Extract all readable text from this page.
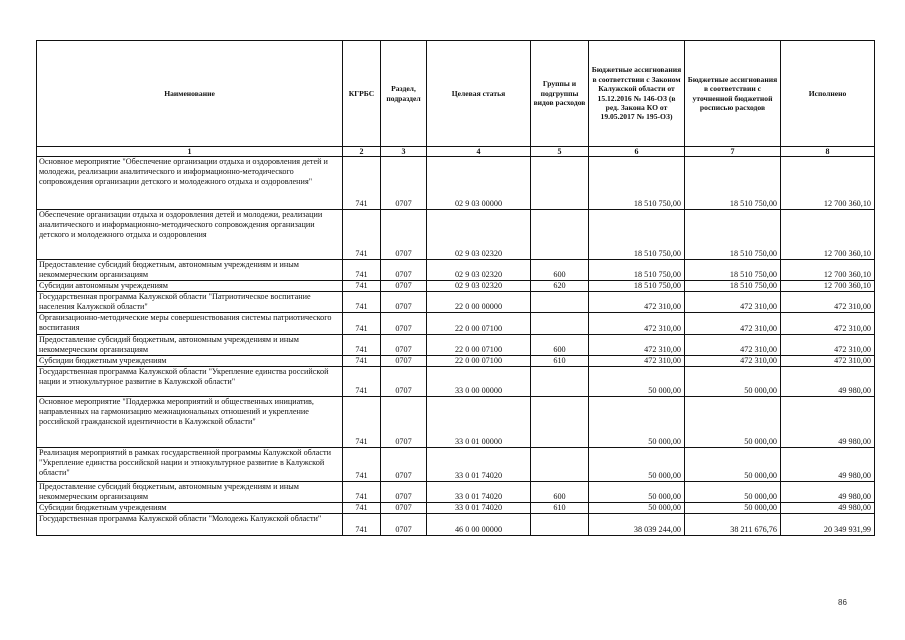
Наименование	КГРБС	Раздел, подраздел	Целевая статья	Группы и подгруппы видов расходов	Бюджетные ассигнования в соответствии с Законом Калужской области от 15.12.2016 № 146-ОЗ (в ред. Закона КО от 19.05.2017 № 195-ОЗ)	Бюджетные ассигнования в соответствии с уточненной бюджетной росписью расходов	Исполнено
1	2	3	4	5	6	7	8
Основное мероприятие "Обеспечение организации отдыха и оздоровления детей и молодежи, реализации аналитического и информационно-методического сопровождения организации детского и молодежного отдыха и оздоровления"	741	0707	02 9 03 00000		18 510 750,00	18 510 750,00	12 700 360,10
Обеспечение организации отдыха и оздоровления детей и молодежи, реализации аналитического и информационно-методического сопровождения организации детского и молодежного отдыха и оздоровления	741	0707	02 9 03 02320		18 510 750,00	18 510 750,00	12 700 360,10
Предоставление субсидий бюджетным, автономным учреждениям и иным некоммерческим организациям	741	0707	02 9 03 02320	600	18 510 750,00	18 510 750,00	12 700 360,10
Субсидии автономным учреждениям	741	0707	02 9 03 02320	620	18 510 750,00	18 510 750,00	12 700 360,10
Государственная программа Калужской области "Патриотическое воспитание населения Калужской области"	741	0707	22 0 00 00000		472 310,00	472 310,00	472 310,00
Организационно-методические меры совершенствования системы патриотического воспитания	741	0707	22 0 00 07100		472 310,00	472 310,00	472 310,00
Предоставление субсидий бюджетным, автономным учреждениям и иным некоммерческим организациям	741	0707	22 0 00 07100	600	472 310,00	472 310,00	472 310,00
Субсидии бюджетным учреждениям	741	0707	22 0 00 07100	610	472 310,00	472 310,00	472 310,00
Государственная программа Калужской области "Укрепление единства российской нации и этнокультурное развитие в Калужской области"	741	0707	33 0 00 00000		50 000,00	50 000,00	49 980,00
Основное мероприятие "Поддержка мероприятий и общественных инициатив, направленных на гармонизацию межнациональных отношений и укрепление российской гражданской идентичности в Калужской области"	741	0707	33 0 01 00000		50 000,00	50 000,00	49 980,00
Реализация мероприятий в рамках государственной программы Калужской области "Укрепление единства российской нации и этнокультурное развитие в Калужской области"	741	0707	33 0 01 74020		50 000,00	50 000,00	49 980,00
Предоставление субсидий бюджетным, автономным учреждениям и иным некоммерческим организациям	741	0707	33 0 01 74020	600	50 000,00	50 000,00	49 980,00
Субсидии бюджетным учреждениям	741	0707	33 0 01 74020	610	50 000,00	50 000,00	49 980,00
Государственная программа Калужской области "Молодежь Калужской области"	741	0707	46 0 00 00000		38 039 244,00	38 211 676,76	20 349 931,99
86
